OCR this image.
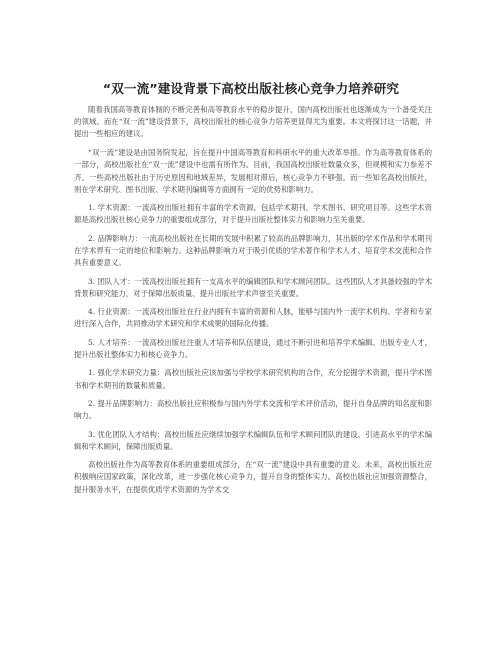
“双一流”建设背景下高校出版社核心竞争力培养研究

随着我国高等教育体制的不断完善和高等教育水平的稳步提升，国内高校出版社也逐渐成为一个备受关注的领域。而在“双一流”建设背景下，高校出版社的核心竞争力培养更显得尤为重要。本文将探讨这一话题，并提出一些相应的建议。

“双一流”建设是由国务院发起，旨在提升中国高等教育和科研水平的重大改革举措。作为高等教育体系的一部分，高校出版社在“双一流”建设中也需有所作为。目前，我国高校出版社数量众多，但规模和实力参差不齐。一些高校出版社由于历史原因和地域差异，发展相对滞后，核心竞争力不够强。而一些知名高校出版社，则在学术研究、图书出版、学术期刊编辑等方面拥有一定的优势和影响力。

1. 学术资源：一流高校出版社拥有丰富的学术资源，包括学术期刊、学术图书、研究项目等。这些学术资源是高校出版社核心竞争力的重要组成部分，对于提升出版社整体实力和影响力至关重要。

2. 品牌影响力：一流高校出版社在长期的发展中积累了较高的品牌影响力，其出版的学术作品和学术期刊在学术界有一定的地位和影响力。这种品牌影响力对于吸引优质的学术著作和学术人才、培育学术交流和合作具有重要意义。

3. 团队人才：一流高校出版社拥有一支高水平的编辑团队和学术顾问团队。这些团队人才具备较强的学术背景和研究能力，对于保障出版质量、提升出版社学术声誉至关重要。

4. 行业资源：一流高校出版社在行业内拥有丰富的资源和人脉，能够与国内外一流学术机构、学者和专家进行深入合作，共同推动学术研究和学术成果的国际化传播。

5. 人才培养：一流高校出版社注重人才培养和队伍建设，通过不断引进和培养学术编辑、出版专业人才，提升出版社整体实力和核心竞争力。

1. 强化学术研究力量：高校出版社应该加强与学校学术研究机构的合作，充分挖掘学术资源，提升学术图书和学术期刊的数量和质量。

2. 提升品牌影响力：高校出版社应积极参与国内外学术交流和学术评价活动，提升自身品牌的知名度和影响力。

3. 优化团队人才结构：高校出版社应继续加强学术编辑队伍和学术顾问团队的建设，引进高水平的学术编辑和学术顾问，保障出版质量。

高校出版社作为高等教育体系的重要组成部分，在“双一流”建设中具有重要的意义。未来，高校出版社应积极响应国家政策，深化改革，进一步强化核心竞争力，提升自身的整体实力。高校出版社应加强资源整合，提升服务水平，在提供优质学术资源的为学术交
